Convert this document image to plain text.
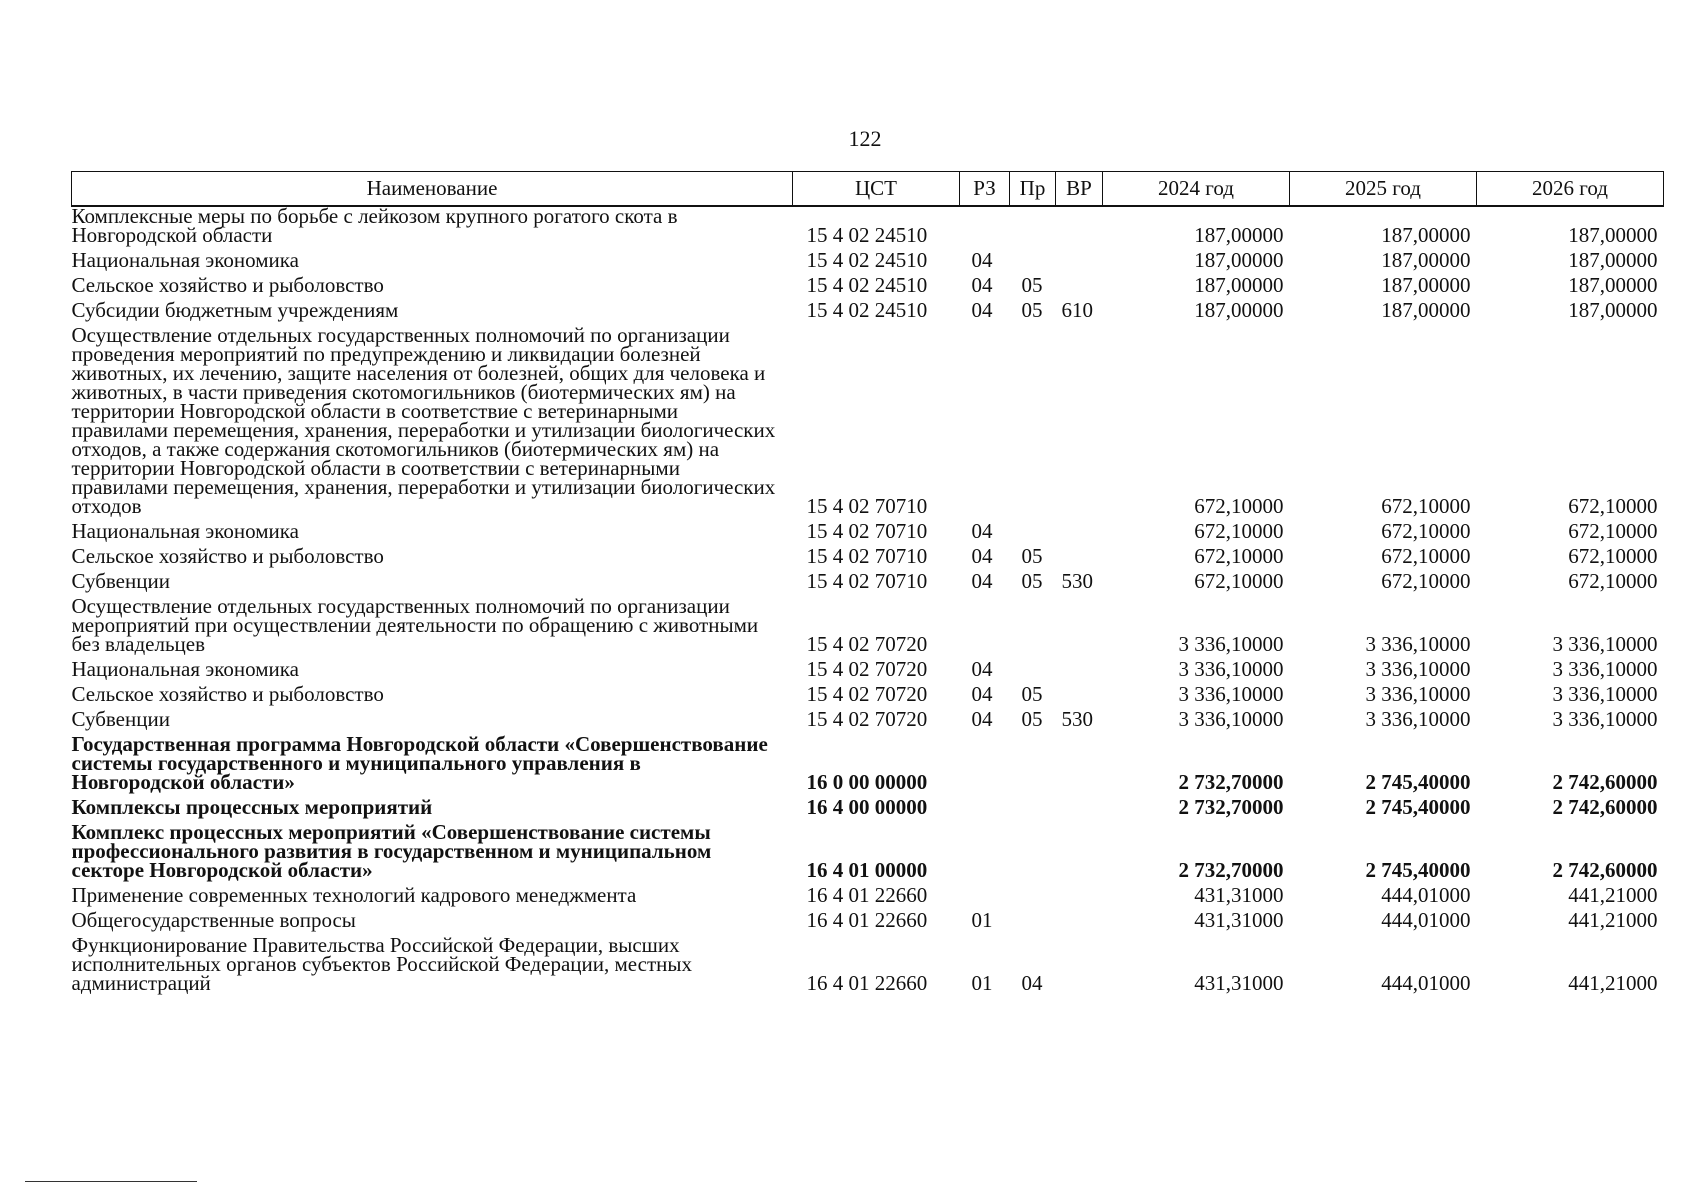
122
Наименование	ЦСТ	РЗ	Пр	ВР	2024 год	2025 год	2026 год
Комплексные меры по борьбе с лейкозом крупного рогатого скота в Новгородской области	15 4 02 24510				187,00000	187,00000	187,00000
Национальная экономика	15 4 02 24510	04			187,00000	187,00000	187,00000
Сельское хозяйство и рыболовство	15 4 02 24510	04	05		187,00000	187,00000	187,00000
Субсидии бюджетным учреждениям	15 4 02 24510	04	05	610	187,00000	187,00000	187,00000
Осуществление отдельных государственных полномочий по организации проведения мероприятий по предупреждению и ликвидации болезней животных, их лечению, защите населения от болезней, общих для человека и животных, в части приведения скотомогильников (биотермических ям) на территории Новгородской области в соответствие с ветеринарными правилами перемещения, хранения, переработки и утилизации биологических отходов, а также содержания скотомогильников (биотермических ям) на территории Новгородской области в соответствии с ветеринарными правилами перемещения, хранения, переработки и утилизации биологических отходов	15 4 02 70710				672,10000	672,10000	672,10000
Национальная экономика	15 4 02 70710	04			672,10000	672,10000	672,10000
Сельское хозяйство и рыболовство	15 4 02 70710	04	05		672,10000	672,10000	672,10000
Субвенции	15 4 02 70710	04	05	530	672,10000	672,10000	672,10000
Осуществление отдельных государственных полномочий по организации мероприятий при осуществлении деятельности по обращению с животными без владельцев	15 4 02 70720				3 336,10000	3 336,10000	3 336,10000
Национальная экономика	15 4 02 70720	04			3 336,10000	3 336,10000	3 336,10000
Сельское хозяйство и рыболовство	15 4 02 70720	04	05		3 336,10000	3 336,10000	3 336,10000
Субвенции	15 4 02 70720	04	05	530	3 336,10000	3 336,10000	3 336,10000
Государственная программа Новгородской области «Совершенствование системы государственного и муниципального управления в Новгородской области»	16 0 00 00000				2 732,70000	2 745,40000	2 742,60000
Комплексы процессных мероприятий	16 4 00 00000				2 732,70000	2 745,40000	2 742,60000
Комплекс процессных мероприятий «Совершенствование системы профессионального развития в государственном и муниципальном секторе Новгородской области»	16 4 01 00000				2 732,70000	2 745,40000	2 742,60000
Применение современных технологий кадрового менеджмента	16 4 01 22660				431,31000	444,01000	441,21000
Общегосударственные вопросы	16 4 01 22660	01			431,31000	444,01000	441,21000
Функционирование Правительства Российской Федерации, высших исполнительных органов субъектов Российской Федерации, местных администраций	16 4 01 22660	01	04		431,31000	444,01000	441,21000
